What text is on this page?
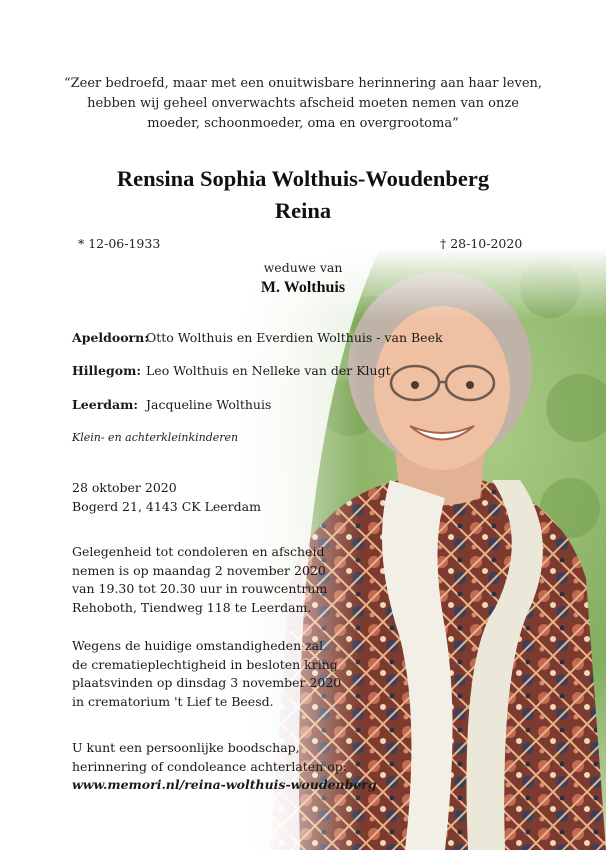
“Zeer bedroefd, maar met een onuitwisbare herinnering aan haar leven,
hebben wij geheel onverwachts afscheid moeten nemen van onze
moeder, schoonmoeder, oma en overgrootoma”
Rensina Sophia Wolthuis-Woudenberg
Reina
* 12-06-1933	† 28-10-2020
weduwe van
M. Wolthuis
Apeldoorn:Otto Wolthuis en Everdien Wolthuis - van Beek
Hillegom: Leo Wolthuis en Nelleke van der Klugt
Leerdam: Jacqueline Wolthuis
Klein- en achterkleinkinderen
28 oktober 2020
Bogerd 21, 4143 CK Leerdam
Gelegenheid tot condoleren en afscheid
nemen is op maandag 2 november 2020
van 19.30 tot 20.30 uur in rouwcentrum
Rehoboth, Tiendweg 118 te Leerdam.
Wegens de huidige omstandigheden zal
de crematieplechtigheid in besloten kring
plaatsvinden op dinsdag 3 november 2020
in crematorium 't Lief te Beesd.
U kunt een persoonlijke boodschap,
herinnering of condoleance achterlaten op:
www.memori.nl/reina-wolthuis-woudenberg
